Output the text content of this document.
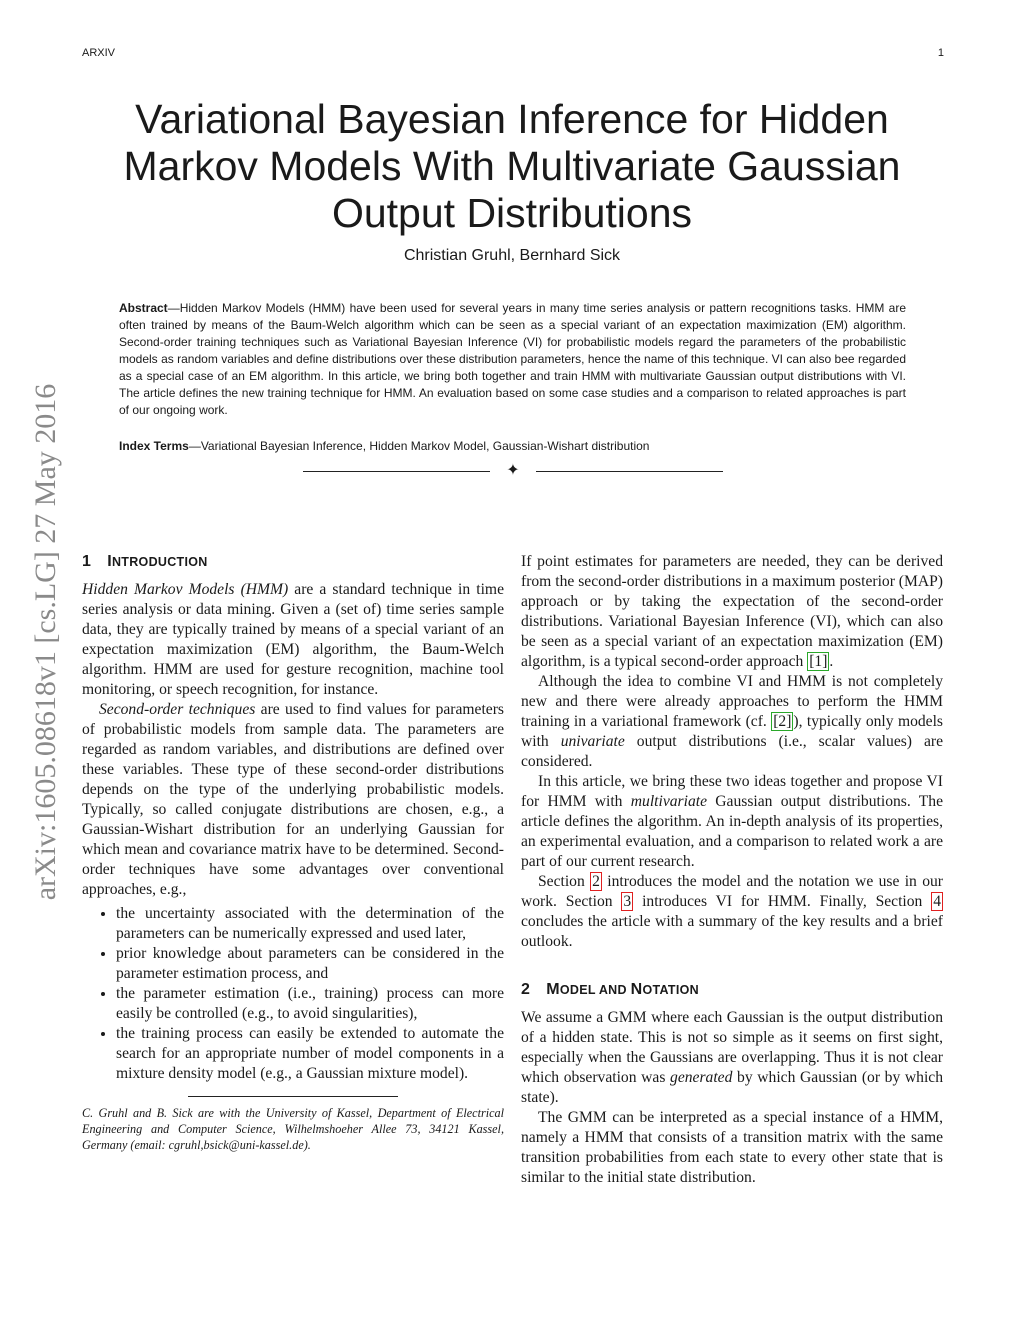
ARXIV	1
arXiv:1605.08618v1 [cs.LG] 27 May 2016
Variational Bayesian Inference for Hidden Markov Models With Multivariate Gaussian Output Distributions
Christian Gruhl, Bernhard Sick

Abstract—Hidden Markov Models (HMM) have been used for several years in many time series analysis or pattern recognitions tasks. HMM are often trained by means of the Baum-Welch algorithm which can be seen as a special variant of an expectation maximization (EM) algorithm. Second-order training techniques such as Variational Bayesian Inference (VI) for probabilistic models regard the parameters of the probabilistic models as random variables and define distributions over these distribution parameters, hence the name of this technique. VI can also bee regarded as a special case of an EM algorithm. In this article, we bring both together and train HMM with multivariate Gaussian output distributions with VI. The article defines the new training technique for HMM. An evaluation based on some case studies and a comparison to related approaches is part of our ongoing work.

Index Terms—Variational Bayesian Inference, Hidden Markov Model, Gaussian-Wishart distribution
✦
1 INTRODUCTION

Hidden Markov Models (HMM) are a standard technique in time series analysis or data mining. Given a (set of) time series sample data, they are typically trained by means of a special variant of an expectation maximization (EM) algorithm, the Baum-Welch algorithm. HMM are used for gesture recognition, machine tool monitoring, or speech recognition, for instance.

Second-order techniques are used to find values for parameters of probabilistic models from sample data. The parameters are regarded as random variables, and distributions are defined over these variables. These type of these second-order distributions depends on the type of the underlying probabilistic models. Typically, so called conjugate distributions are chosen, e.g., a Gaussian-Wishart distribution for an underlying Gaussian for which mean and covariance matrix have to be determined. Second-order techniques have some advantages over conventional approaches, e.g.,

• the uncertainty associated with the determination of the parameters can be numerically expressed and used later,
• prior knowledge about parameters can be considered in the parameter estimation process, and
• the parameter estimation (i.e., training) process can more easily be controlled (e.g., to avoid singularities),
• the training process can easily be extended to automate the search for an appropriate number of model components in a mixture density model (e.g., a Gaussian mixture model).

C. Gruhl and B. Sick are with the University of Kassel, Department of Electrical Engineering and Computer Science, Wilhelmshoeher Allee 73, 34121 Kassel, Germany (email: cgruhl,bsick@uni-kassel.de).

If point estimates for parameters are needed, they can be derived from the second-order distributions in a maximum posterior (MAP) approach or by taking the expectation of the second-order distributions. Variational Bayesian Inference (VI), which can also be seen as a special variant of an expectation maximization (EM) algorithm, is a typical second-order approach [1] .

Although the idea to combine VI and HMM is not completely new and there were already approaches to perform the HMM training in a variational framework (cf. [2] ), typically only models with univariate output distributions (i.e., scalar values) are considered.

In this article, we bring these two ideas together and propose VI for HMM with multivariate Gaussian output distributions. The article defines the algorithm. An in-depth analysis of its properties, an experimental evaluation, and a comparison to related work a are part of our current research.

Section 2 introduces the model and the notation we use in our work. Section 3 introduces VI for HMM. Finally, Section 4 concludes the article with a summary of the key results and a brief outlook.

2 MODEL AND NOTATION

We assume a GMM where each Gaussian is the output distribution of a hidden state. This is not so simple as it seems on first sight, especially when the Gaussians are overlapping. Thus it is not clear which observation was generated by which Gaussian (or by which state).

The GMM can be interpreted as a special instance of a HMM, namely a HMM that consists of a transition matrix with the same transition probabilities from each state to every other state that is similar to the initial state distribution.
